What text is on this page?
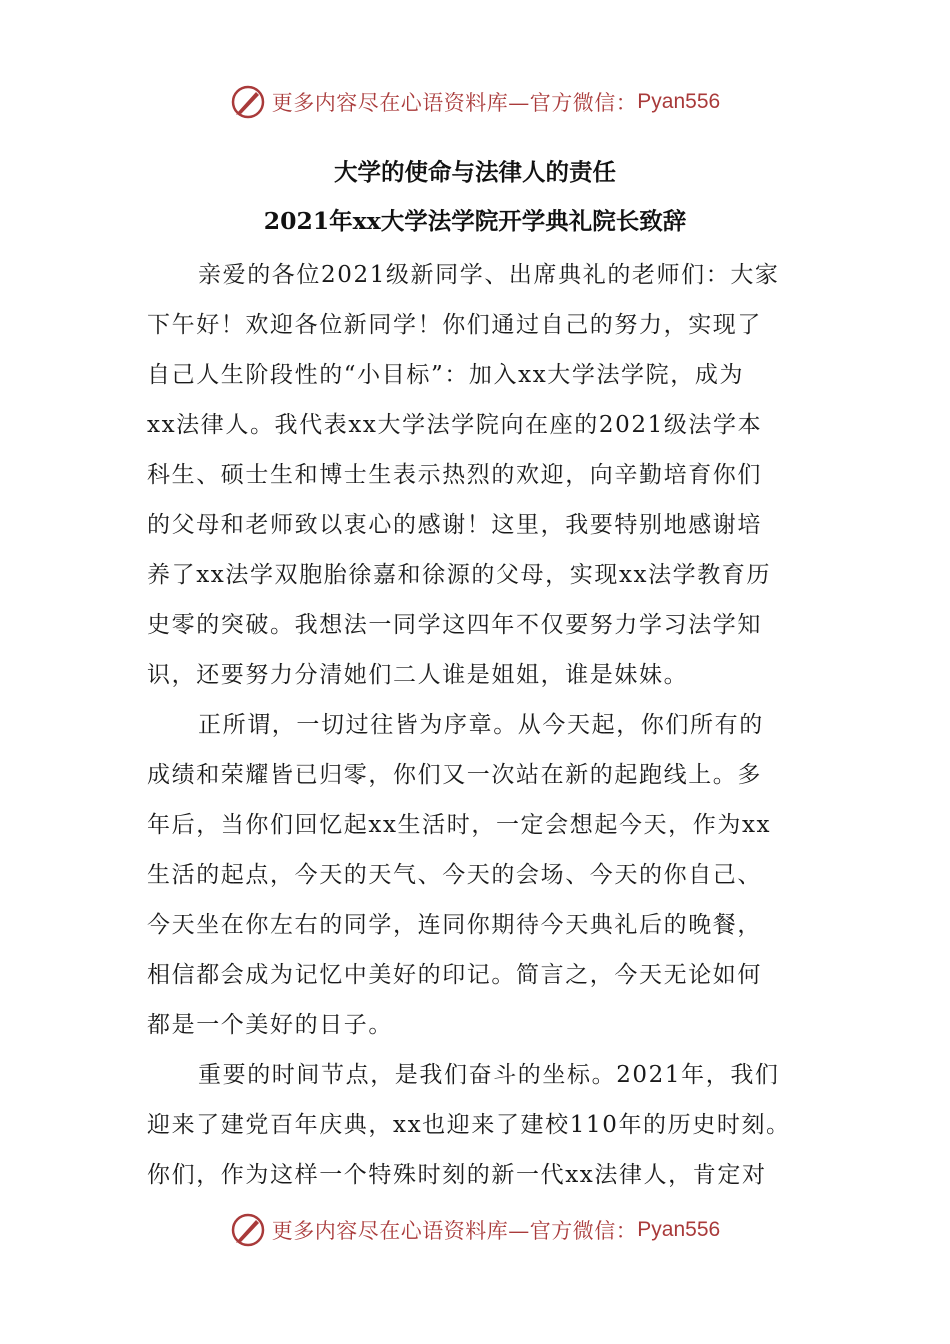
更多内容尽在心语资料库—官方微信： Pyan556
大学的使命与法律人的责任
2021年xx大学法学院开学典礼院长致辞
亲爱的各位2021级新同学、出席典礼的老师们：大家
下午好！欢迎各位新同学！你们通过自己的努力，实现了
自己人生阶段性的“小目标”：加入xx大学法学院，成为
xx法律人。我代表xx大学法学院向在座的2021级法学本
科生、硕士生和博士生表示热烈的欢迎，向辛勤培育你们
的父母和老师致以衷心的感谢！这里，我要特别地感谢培
养了xx法学双胞胎徐嘉和徐源的父母，实现xx法学教育历
史零的突破。我想法一同学这四年不仅要努力学习法学知
识，还要努力分清她们二人谁是姐姐，谁是妹妹。
正所谓，一切过往皆为序章。从今天起，你们所有的
成绩和荣耀皆已归零，你们又一次站在新的起跑线上。多
年后，当你们回忆起xx生活时，一定会想起今天，作为xx
生活的起点，今天的天气、今天的会场、今天的你自己、
今天坐在你左右的同学，连同你期待今天典礼后的晚餐，
相信都会成为记忆中美好的印记。简言之，今天无论如何
都是一个美好的日子。
重要的时间节点，是我们奋斗的坐标。2021年，我们
迎来了建党百年庆典，xx也迎来了建校110年的历史时刻。
你们，作为这样一个特殊时刻的新一代xx法律人，肯定对
更多内容尽在心语资料库—官方微信： Pyan556
